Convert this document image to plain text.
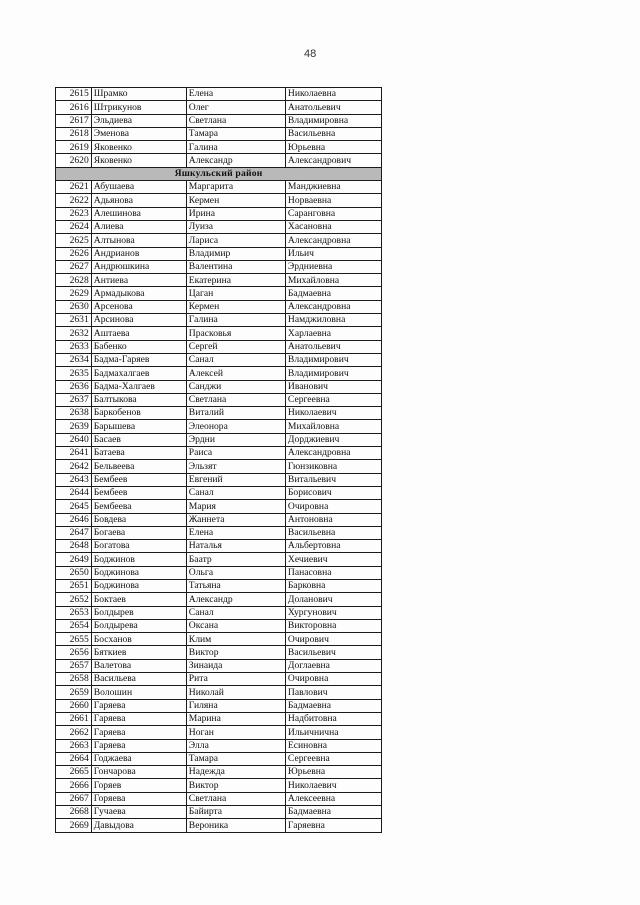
48
2615	Шрамко	Елена	Николаевна
2616	Штрикунов	Олег	Анатольевич
2617	Эльдиева	Светлана	Владимировна
2618	Эменова	Тамара	Васильевна
2619	Яковенко	Галина	Юрьевна
2620	Яковенко	Александр	Александрович
Яшкульский район			
2621	Абушаева	Маргарита	Манджиевна
2622	Адьянова	Кермен	Норваевна
2623	Алешинова	Ирина	Саранговна
2624	Алиева	Луиза	Хасановна
2625	Алтынова	Лариса	Александровна
2626	Андрианов	Владимир	Ильич
2627	Андрюшкина	Валентина	Эрдниевна
2628	Антиева	Екатерина	Михайловна
2629	Армадыкова	Цаган	Бадмаевна
2630	Арсенова	Кермен	Александровна
2631	Арсинова	Галина	Намджиловна
2632	Аштаева	Прасковья	Харлаевна
2633	Бабенко	Сергей	Анатольевич
2634	Бадма-Гаряев	Санал	Владимирович
2635	Бадмахалгаев	Алексей	Владимирович
2636	Бадма-Халгаев	Санджи	Иванович
2637	Балтыкова	Светлана	Сергеевна
2638	Баркобенов	Виталий	Николаевич
2639	Барышева	Элеонора	Михайловна
2640	Басаев	Эрдни	Дорджиевич
2641	Батаева	Раиса	Александровна
2642	Бельвеева	Эльзят	Гюнзиковна
2643	Бембеев	Евгений	Витальевич
2644	Бембеев	Санал	Борисович
2645	Бембеева	Мария	Очировна
2646	Бовдева	Жаннета	Антоновна
2647	Богаева	Елена	Васильевна
2648	Богатова	Наталья	Альбертовна
2649	Боджинов	Баатр	Хечиевич
2650	Боджинова	Ольга	Панасовна
2651	Боджинова	Татьяна	Барковна
2652	Боктаев	Александр	Доланович
2653	Болдырев	Санал	Хургунович
2654	Болдырева	Оксана	Викторовна
2655	Босханов	Клим	Очирович
2656	Бяткиев	Виктор	Васильевич
2657	Валетова	Зинаида	Доглаевна
2658	Васильева	Рита	Очировна
2659	Волошин	Николай	Павлович
2660	Гаряева	Гиляна	Бадмаевна
2661	Гаряева	Марина	Надбитовна
2662	Гаряева	Ноган	Ильичнична
2663	Гаряева	Элла	Есиновна
2664	Годжаева	Тамара	Сергеевна
2665	Гончарова	Надежда	Юрьевна
2666	Горяев	Виктор	Николаевич
2667	Горяева	Светлана	Алексеевна
2668	Гучаева	Байирта	Бадмаевна
2669	Давыдова	Вероника	Гаряевна
